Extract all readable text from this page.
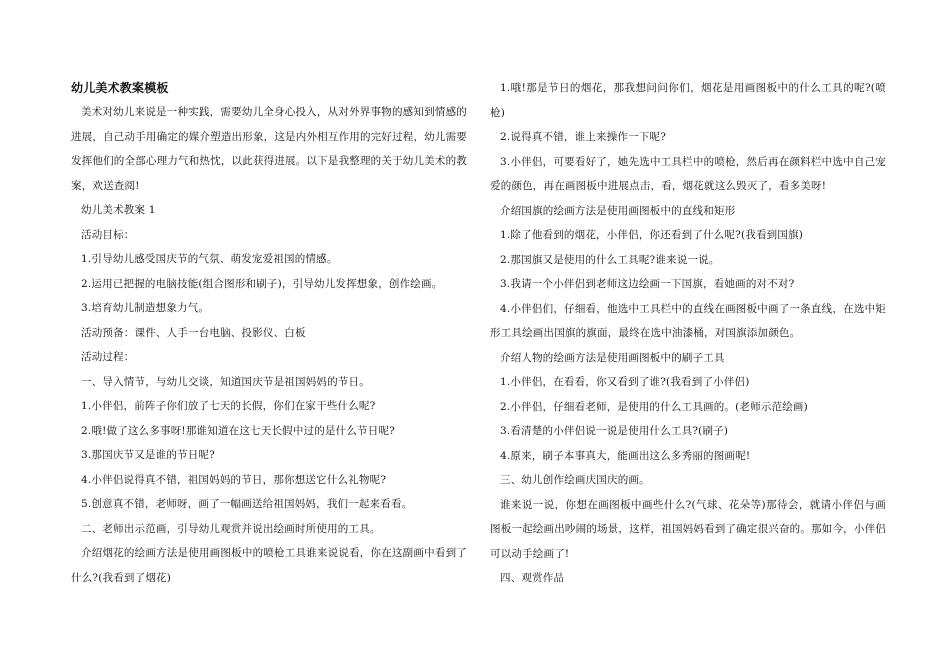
幼儿美术教案模板

美术对幼儿来说是一种实践，需要幼儿全身心投入，从对外界事物的感知到情感的进展，自己动手用确定的媒介塑造出形象，这是内外相互作用的完好过程，幼儿需要发挥他们的全部心理力气和热忱，以此获得进展。以下是我整理的关于幼儿美术的教案，欢送查阅!

幼儿美术教案 1

活动目标：

1.引导幼儿感受国庆节的气氛、萌发宠爱祖国的情感。

2.运用已把握的电脑技能(组合图形和刷子)，引导幼儿发挥想象，创作绘画。

3.培育幼儿制造想象力气。

活动预备：课件、人手一台电脑、投影仪、白板

活动过程：

一、导入情节，与幼儿交谈，知道国庆节是祖国妈妈的节日。

1.小伴侣，前阵子你们放了七天的长假，你们在家干些什么呢?

2.哦!做了这么多事呀!那谁知道在这七天长假中过的是什么节日呢?

3.那国庆节又是谁的节日呢?

4.小伴侣说得真不错，祖国妈妈的节日，那你想送它什么礼物呢?

5.创意真不错，老师呀，画了一幅画送给祖国妈妈，我们一起来看看。

二、老师出示范画，引导幼儿观赏并说出绘画时所使用的工具。

介绍烟花的绘画方法是使用画图板中的喷枪工具谁来说说看，你在这副画中看到了什么?(我看到了烟花)

1.哦!那是节日的烟花，那我想问问你们，烟花是用画图板中的什么工具的呢?(喷枪)

2.说得真不错，谁上来操作一下呢?

3.小伴侣，可要看好了，她先选中工具栏中的喷枪，然后再在颜料栏中选中自己宠爱的颜色，再在画图板中进展点击，看，烟花就这么毁灭了，看多美呀!

介绍国旗的绘画方法是使用画图板中的直线和矩形

1.除了他看到的烟花，小伴侣，你还看到了什么呢?(我看到国旗)

2.那国旗又是使用的什么工具呢?谁来说一说。

3.我请一个小伴侣到老师这边绘画一下国旗，看她画的对不对?

4.小伴侣们，仔细看，他选中工具栏中的直线在画图板中画了一条直线，在选中矩形工具绘画出国旗的旗面，最终在选中油漆桶，对国旗添加颜色。

介绍人物的绘画方法是使用画图板中的刷子工具

1.小伴侣，在看看，你又看到了谁?(我看到了小伴侣)

2.小伴侣，仔细看老师，是使用的什么工具画的。(老师示范绘画)

3.看清楚的小伴侣说一说是使用什么工具?(刷子)

4.原来，刷子本事真大，能画出这么多秀丽的图画呢!

三、幼儿创作绘画庆国庆的画。

谁来说一说，你想在画图板中画些什么?(气球、花朵等)那待会，就请小伴侣与画图板一起绘画出吵闹的场景，这样，祖国妈妈看到了确定很兴奋的。那如今，小伴侣可以动手绘画了!

四、观赏作品
